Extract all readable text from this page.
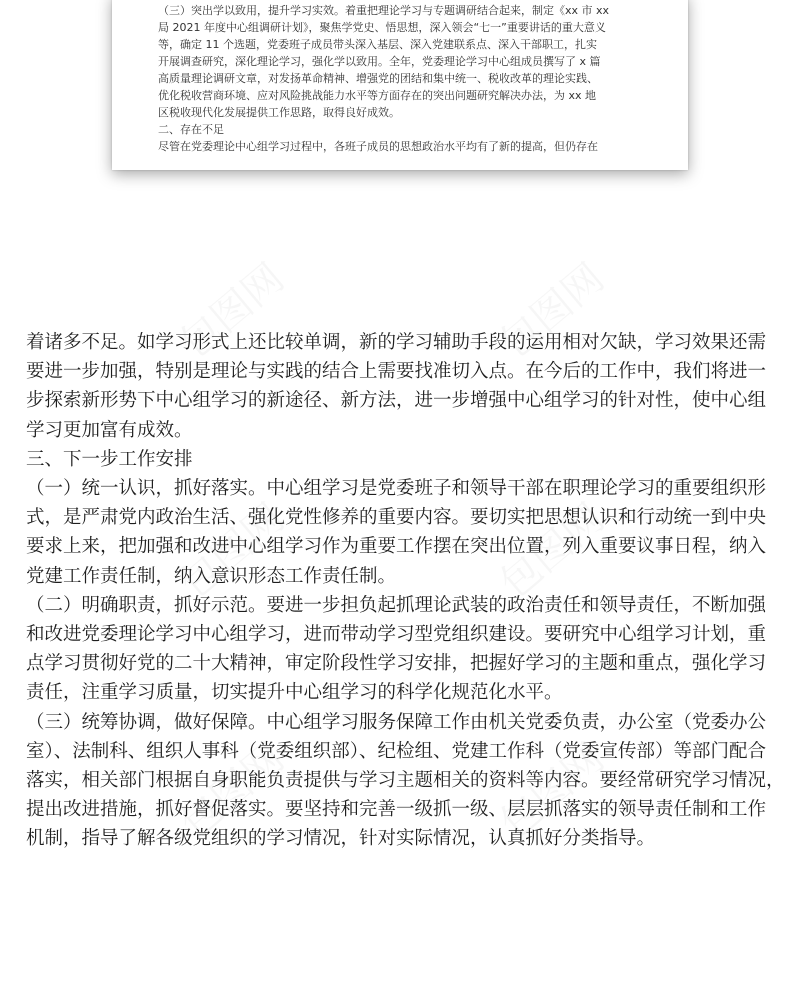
（三）突出学以致用，提升学习实效。着重把理论学习与专题调研结合起来，制定《xx 市 xx

局 2021 年度中心组调研计划》，聚焦学党史、悟思想，深入领会“七一”重要讲话的重大意义

等，确定 11 个选题，党委班子成员带头深入基层、深入党建联系点、深入干部职工，扎实

开展调查研究，深化理论学习，强化学以致用。全年，党委理论学习中心组成员撰写了 x 篇

高质量理论调研文章，对发扬革命精神、增强党的团结和集中统一、税收改革的理论实践、

优化税收营商环境、应对风险挑战能力水平等方面存在的突出问题研究解决办法，为 xx 地

区税收现代化发展提供工作思路，取得良好成效。

二、存在不足

尽管在党委理论中心组学习过程中，各班子成员的思想政治水平均有了新的提高，但仍存在

着诸多不足。如学习形式上还比较单调，新的学习辅助手段的运用相对欠缺，学习效果还需

要进一步加强，特别是理论与实践的结合上需要找准切入点。在今后的工作中，我们将进一

步探索新形势下中心组学习的新途径、新方法，进一步增强中心组学习的针对性，使中心组

学习更加富有成效。

三、下一步工作安排

（一）统一认识，抓好落实。中心组学习是党委班子和领导干部在职理论学习的重要组织形

式，是严肃党内政治生活、强化党性修养的重要内容。要切实把思想认识和行动统一到中央

要求上来，把加强和改进中心组学习作为重要工作摆在突出位置，列入重要议事日程，纳入

党建工作责任制，纳入意识形态工作责任制。

（二）明确职责，抓好示范。要进一步担负起抓理论武装的政治责任和领导责任，不断加强

和改进党委理论学习中心组学习，进而带动学习型党组织建设。要研究中心组学习计划，重

点学习贯彻好党的二十大精神，审定阶段性学习安排，把握好学习的主题和重点，强化学习

责任，注重学习质量，切实提升中心组学习的科学化规范化水平。

（三）统筹协调，做好保障。中心组学习服务保障工作由机关党委负责，办公室（党委办公

室）、法制科、组织人事科（党委组织部）、纪检组、党建工作科（党委宣传部）等部门配合

落实，相关部门根据自身职能负责提供与学习主题相关的资料等内容。要经常研究学习情况，

提出改进措施，抓好督促落实。要坚持和完善一级抓一级、层层抓落实的领导责任制和工作

机制，指导了解各级党组织的学习情况，针对实际情况，认真抓好分类指导。
